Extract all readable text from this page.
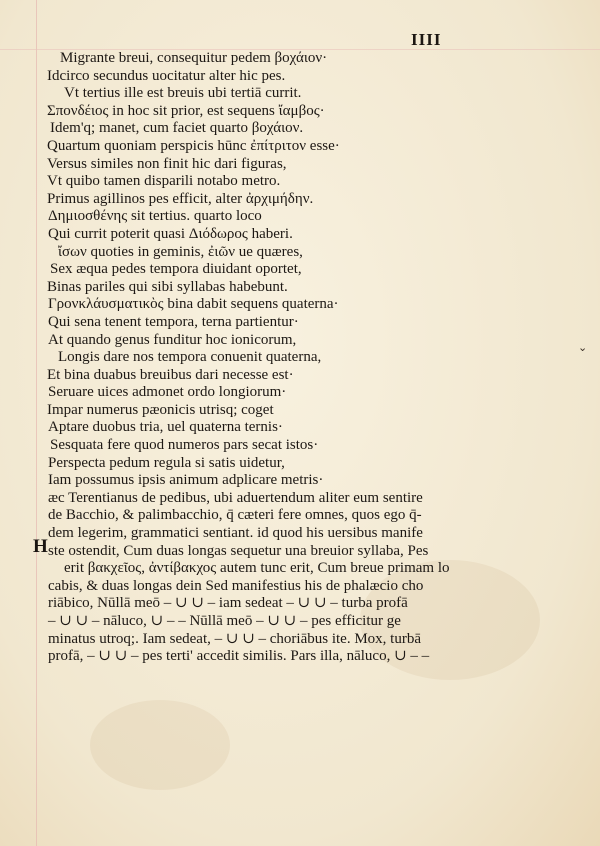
IIII
⌄
H
Migrante breui, consequitur pedem βοχάιον·
Idcirco secundus uocitatur alter hic pes.
Vt tertius ille est breuis ubi tertiā currit.
Σπονδέιος in hoc sit prior, est sequens ἴαμβος·
Idem'q; manet, cum faciet quarto βοχάιον.
Quartum quoniam perspicis hūnc ἐπίτριτον esse·
Versus similes non finit hic dari figuras,
Vt quibo tamen disparili notabo metro.
Primus agillinos pes efficit, alter ἀρχιμήδην.
Δημιοσθένης sit tertius. quarto loco
Qui currit poterit quasi Διόδωρος haberi.
ἴσων quoties in geminis, ἐιῶν ue quæres,
Sex æqua pedes tempora diuidant oportet,
Binas pariles qui sibi syllabas habebunt.
Γρονκλάυσματικὸς bina dabit sequens quaterna·
Qui sena tenent tempora, terna partientur·
At quando genus funditur hoc ionicorum,
Longis dare nos tempora conuenit quaterna,
Et bina duabus breuibus dari necesse est·
Seruare uices admonet ordo longiorum·
Impar numerus pæonicis utrisq; coget
Aptare duobus tria, uel quaterna ternis·
Sesquata fere quod numeros pars secat istos·
Perspecta pedum regula si satis uidetur,
Iam possumus ipsis animum adplicare metris·
æc Terentianus de pedibus, ubi aduertendum aliter eum sentire
de Bacchio, & palimbacchio, q̄ cæteri fere omnes, quos ego q̄-
dem legerim, grammatici sentiant. id quod his uersibus manife
ste ostendit, Cum duas longas sequetur una breuior syllaba, Pes
erit βακχεῖος, ἀντίβακχος autem tunc erit, Cum breue primam lo
cabis, & duas longas dein Sed manifestius his de phalæcio cho
riābico, Nūllā meō – ∪ ∪ – iam sedeat – ∪ ∪ – turba profā
– ∪ ∪ – nāluco, ∪ – – Nūllā meō – ∪ ∪ – pes efficitur ge
minatus utroq;. Iam sedeat, – ∪ ∪ – choriābus ite. Mox, turbā
profā, – ∪ ∪ – pes terti' accedit similis. Pars illa, nāluco, ∪ – –
